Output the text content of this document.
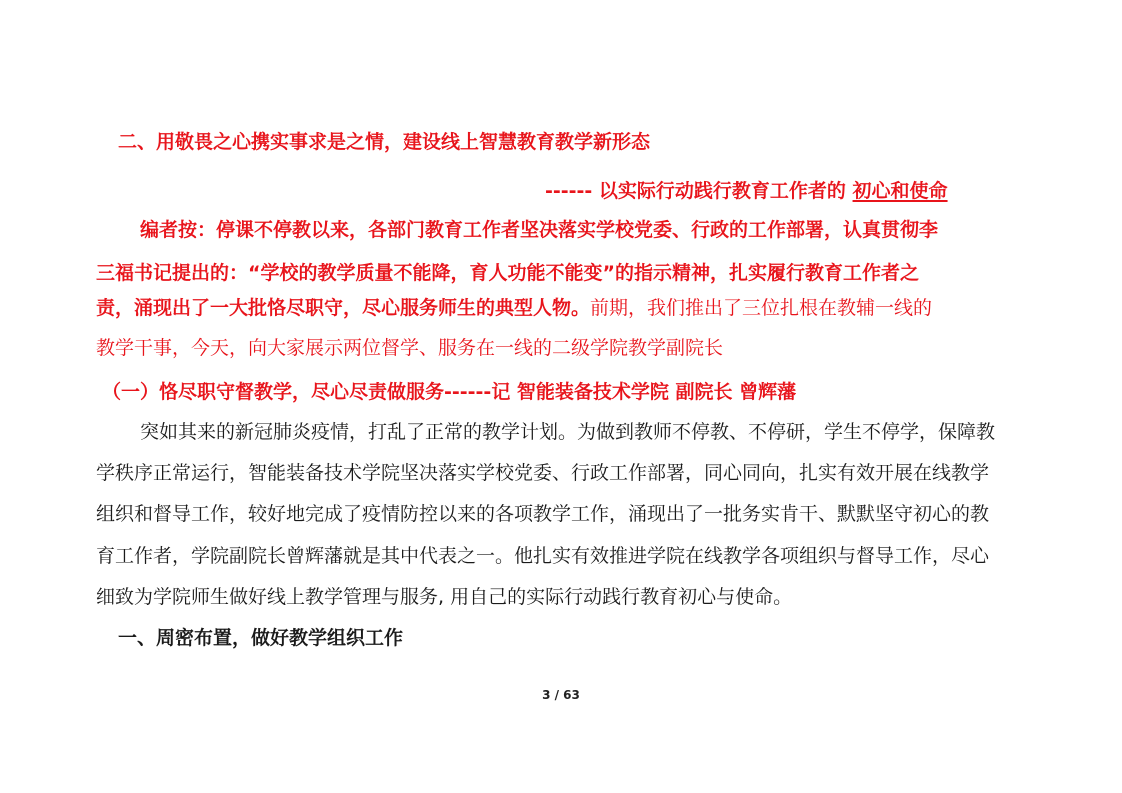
二、用敬畏之心携实事求是之情，建设线上智慧教育教学新形态
------ 以实际行动践行教育工作者的 初心和使命
编者按：停课不停教以来，各部门教育工作者坚决落实学校党委、行政的工作部署，认真贯彻李
三福书记提出的：“学校的教学质量不能降，育人功能不能变”的指示精神，扎实履行教育工作者之
责，涌现出了一大批恪尽职守，尽心服务师生的典型人物。前期，我们推出了三位扎根在教辅一线的
教学干事，今天，向大家展示两位督学、服务在一线的二级学院教学副院长
（一）恪尽职守督教学，尽心尽责做服务------记 智能装备技术学院 副院长 曾辉藩
突如其来的新冠肺炎疫情，打乱了正常的教学计划。为做到教师不停教、不停研，学生不停学，保障教
学秩序正常运行，智能装备技术学院坚决落实学校党委、行政工作部署，同心同向，扎实有效开展在线教学
组织和督导工作，较好地完成了疫情防控以来的各项教学工作，涌现出了一批务实肯干、默默坚守初心的教
育工作者，学院副院长曾辉藩就是其中代表之一。他扎实有效推进学院在线教学各项组织与督导工作，尽心
细致为学院师生做好线上教学管理与服务, 用自己的实际行动践行教育初心与使命。
一、周密布置，做好教学组织工作
3 / 63
